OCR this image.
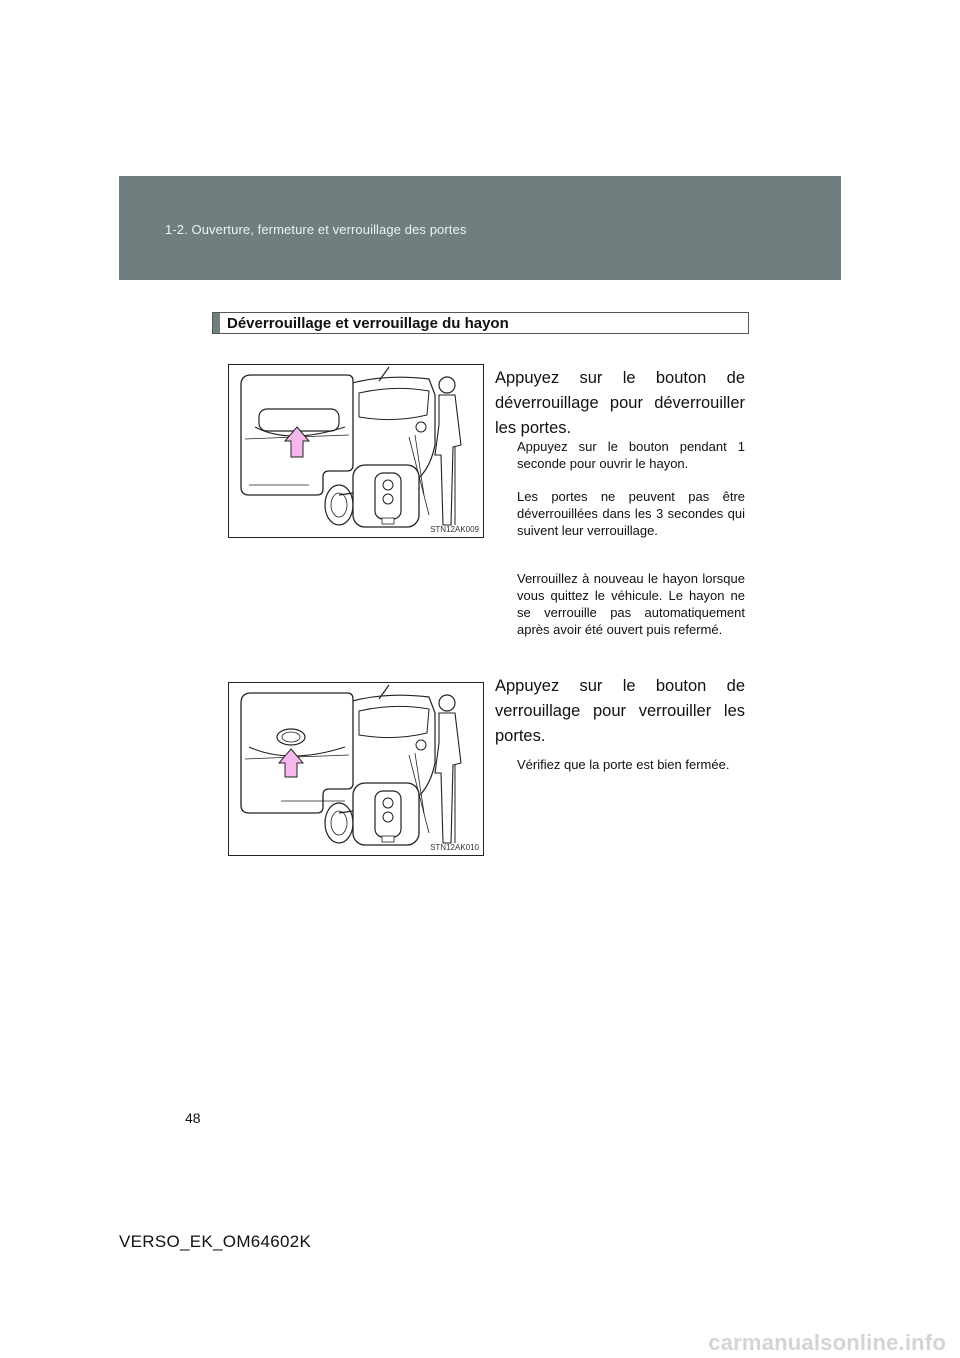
1-2. Ouverture, fermeture et verrouillage des portes
Déverrouillage et verrouillage du hayon
STN12AK009
Appuyez sur le bouton de déverrouillage pour déverrouiller les portes.
Appuyez sur le bouton pendant 1 seconde pour ouvrir le hayon.
Les portes ne peuvent pas être déverrouillées dans les 3 secondes qui suivent leur verrouillage.
Verrouillez à nouveau le hayon lorsque vous quittez le véhicule. Le hayon ne se verrouille pas automatiquement après avoir été ouvert puis refermé.
STN12AK010
Appuyez sur le bouton de verrouillage pour verrouiller les portes.
Vérifiez que la porte est bien fermée.
48
VERSO_EK_OM64602K
carmanualsonline.info
